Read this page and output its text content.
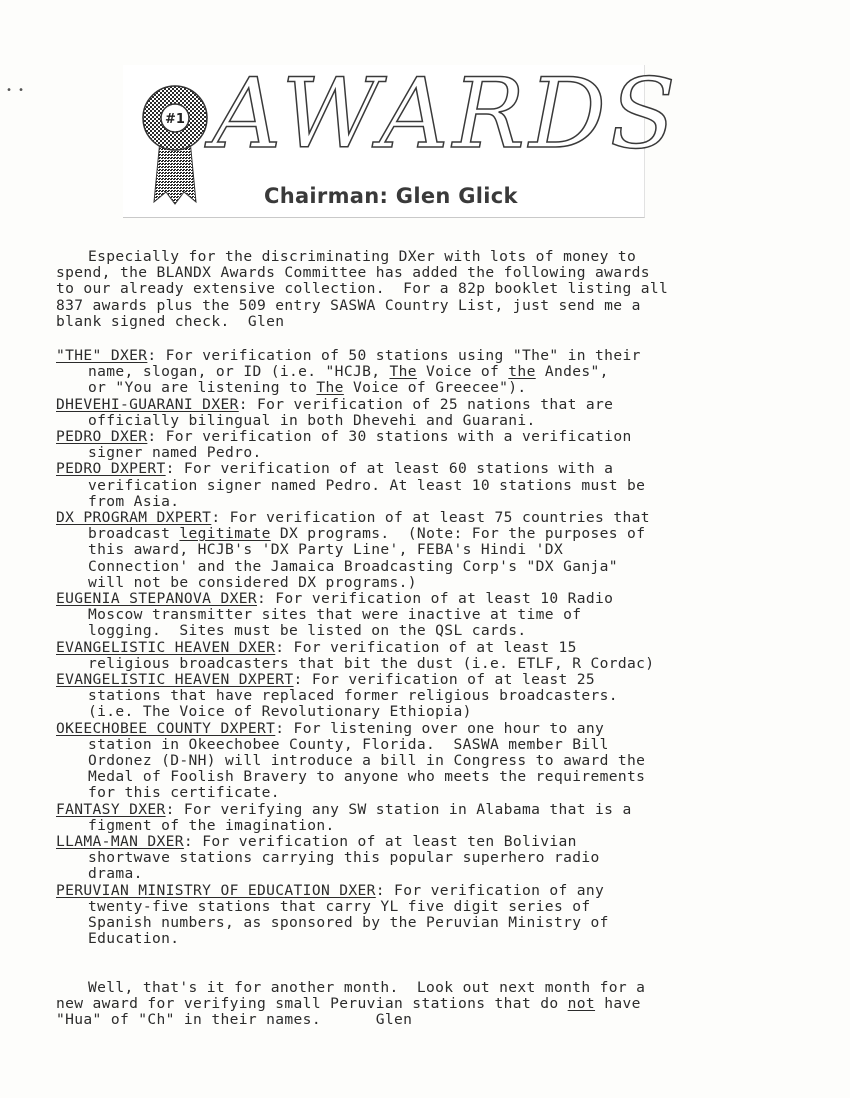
• •
#1 AWARDS
Chairman: Glen Glick
Especially for the discriminating DXer with lots of money to
spend, the BLANDX Awards Committee has added the following awards
to our already extensive collection.  For a 82p booklet listing all
837 awards plus the 509 entry SASWA Country List, just send me a
blank signed check.  Glen
"THE" DXER: For verification of 50 stations using "The" in their
name, slogan, or ID (i.e. "HCJB, The Voice of the Andes",
or "You are listening to The Voice of Greecee").
DHEVEHI-GUARANI DXER: For verification of 25 nations that are
officially bilingual in both Dhevehi and Guarani.
PEDRO DXER: For verification of 30 stations with a verification
signer named Pedro.
PEDRO DXPERT: For verification of at least 60 stations with a
verification signer named Pedro. At least 10 stations must be
from Asia.
DX PROGRAM DXPERT: For verification of at least 75 countries that
broadcast legitimate DX programs.  (Note: For the purposes of
this award, HCJB's 'DX Party Line', FEBA's Hindi 'DX
Connection' and the Jamaica Broadcasting Corp's "DX Ganja"
will not be considered DX programs.)
EUGENIA STEPANOVA DXER: For verification of at least 10 Radio
Moscow transmitter sites that were inactive at time of
logging.  Sites must be listed on the QSL cards.
EVANGELISTIC HEAVEN DXER: For verification of at least 15
religious broadcasters that bit the dust (i.e. ETLF, R Cordac)
EVANGELISTIC HEAVEN DXPERT: For verification of at least 25
stations that have replaced former religious broadcasters.
(i.e. The Voice of Revolutionary Ethiopia)
OKEECHOBEE COUNTY DXPERT: For listening over one hour to any
station in Okeechobee County, Florida.  SASWA member Bill
Ordonez (D-NH) will introduce a bill in Congress to award the
Medal of Foolish Bravery to anyone who meets the requirements
for this certificate.
FANTASY DXER: For verifying any SW station in Alabama that is a
figment of the imagination.
LLAMA-MAN DXER: For verification of at least ten Bolivian
shortwave stations carrying this popular superhero radio
drama.
PERUVIAN MINISTRY OF EDUCATION DXER: For verification of any
twenty-five stations that carry YL five digit series of
Spanish numbers, as sponsored by the Peruvian Ministry of
Education.
Well, that's it for another month.  Look out next month for a
new award for verifying small Peruvian stations that do not have
"Hua" of "Ch" in their names.      Glen
